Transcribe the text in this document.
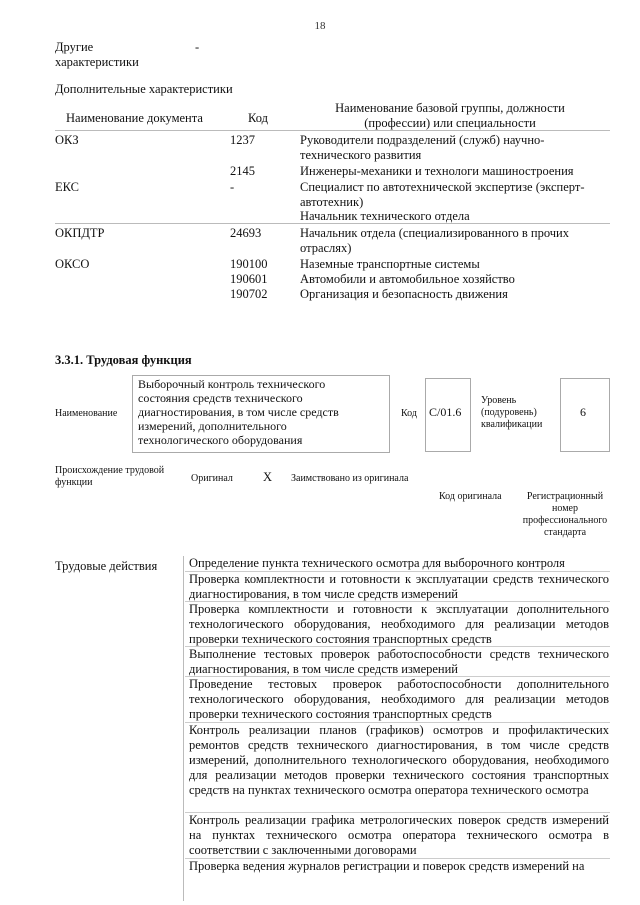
18
Другие
характеристики
-
Дополнительные характеристики
Наименование документа	Код
Наименование базовой группы, должности
(профессии) или специальности
ОКЗ	1237	Руководители подразделений (служб) научно-
технического развития
2145	Инженеры-механики и технологи машиностроения
ЕКС	-	Специалист по автотехнической экспертизе (эксперт-
автотехник)
Начальник технического отдела
ОКПДТР	24693	Начальник отдела (специализированного в прочих
отраслях)
ОКСО	190100	Наземные транспортные системы
190601	Автомобили и автомобильное хозяйство
190702	Организация и безопасность движения
3.3.1. Трудовая функция
Наименование
Выборочный контроль технического
состояния средств технического
диагностирования, в том числе средств
измерений, дополнительного
технологического оборудования
Код С/01.6
Уровень
(подуровень)
квалификации
6
Происхождение трудовой
функции	Оригинал X Заимствовано из оригинала
Код оригинала	Регистрационный
номер
профессионального
стандарта
Трудовые действия	Определение пункта технического осмотра для выборочного контроля
Проверка комплектности и готовности к эксплуатации средств технического диагностирования, в том числе средств измерений
Проверка комплектности и готовности к эксплуатации дополнительного технологического оборудования, необходимого для реализации методов проверки технического состояния транспортных средств
Выполнение тестовых проверок работоспособности средств технического диагностирования, в том числе средств измерений
Проведение тестовых проверок работоспособности дополнительного технологического оборудования, необходимого для реализации методов проверки технического состояния транспортных средств
Контроль реализации планов (графиков) осмотров и профилактических ремонтов средств технического диагностирования, в том числе средств измерений, дополнительного технологического оборудования, необходимого для реализации методов проверки технического состояния транспортных средств на пунктах технического осмотра оператора технического осмотра
Контроль реализации графика метрологических поверок средств измерений на пунктах технического осмотра оператора технического осмотра в соответствии с заключенными договорами
Проверка ведения журналов регистрации и поверок средств измерений на
